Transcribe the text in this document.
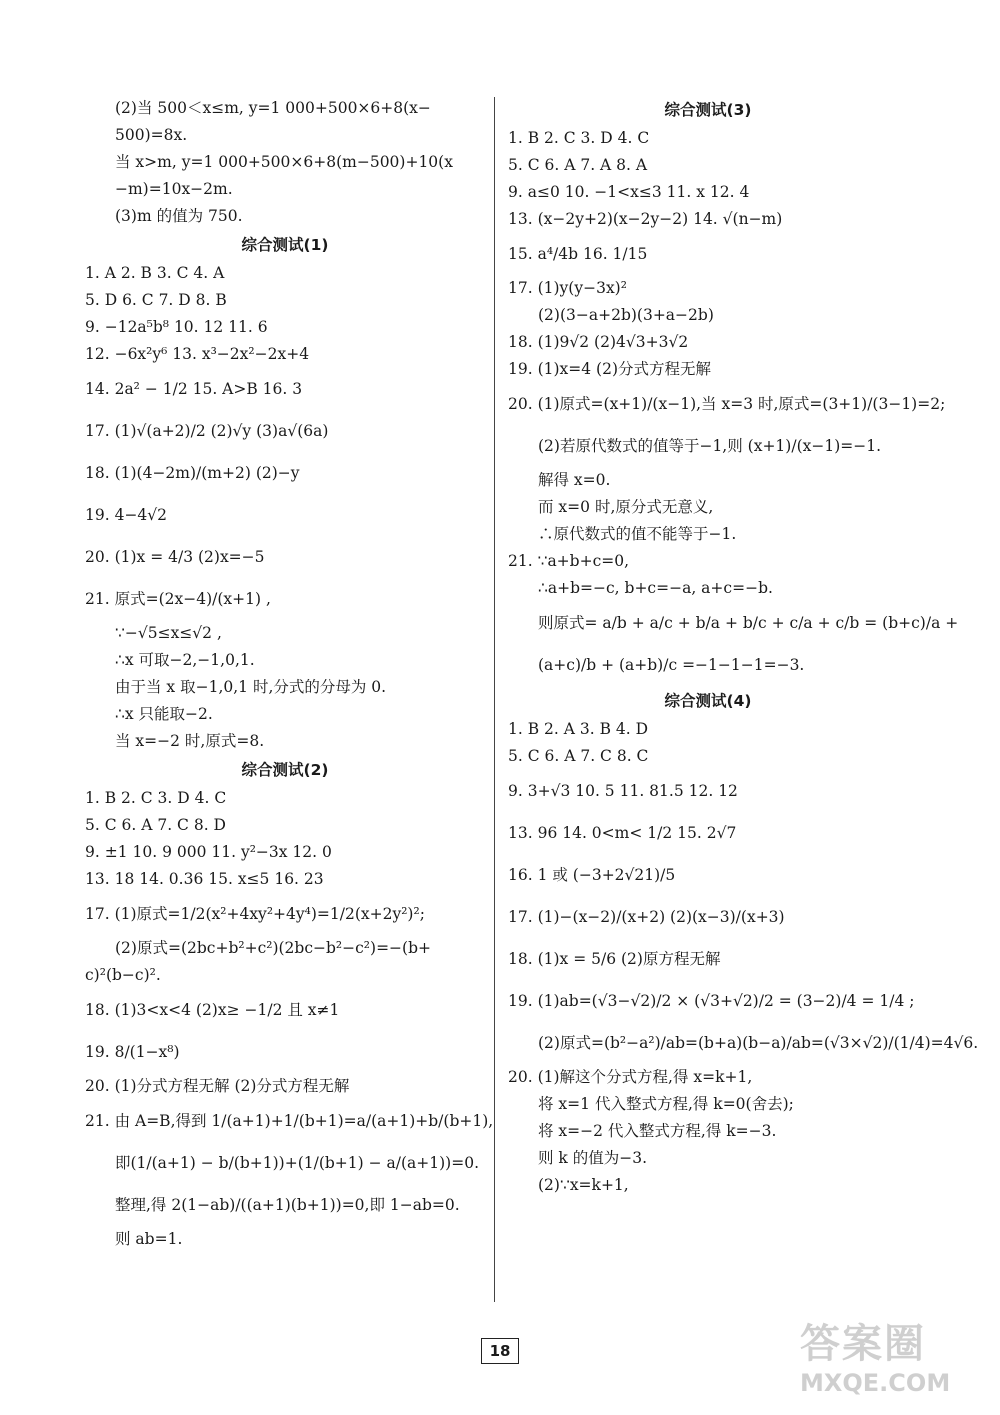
(2)当 500＜x≤m, y=1 000+500×6+8(x−
500)=8x.
当 x>m, y=1 000+500×6+8(m−500)+10(x
−m)=10x−2m.
(3)m 的值为 750.
综合测试(1)
1. A 2. B 3. C 4. A
5. D 6. C 7. D 8. B
9. −12a⁵b⁸ 10. 12 11. 6
12. −6x²y⁶ 13. x³−2x²−2x+4
14. 2a² − 1/2 15. A>B 16. 3
17. (1)√(a+2)/2 (2)√y (3)a√(6a)
18. (1)(4−2m)/(m+2) (2)−y
19. 4−4√2
20. (1)x = 4/3 (2)x=−5
21. 原式=(2x−4)/(x+1) ,
∵−√5≤x≤√2 ,
∴x 可取−2,−1,0,1.
由于当 x 取−1,0,1 时,分式的分母为 0.
∴x 只能取−2.
当 x=−2 时,原式=8.
综合测试(2)
1. B 2. C 3. D 4. C
5. C 6. A 7. C 8. D
9. ±1 10. 9 000 11. y²−3x 12. 0
13. 18 14. 0.36 15. x≤5 16. 23
17. (1)原式=1/2(x²+4xy²+4y⁴)=1/2(x+2y²)²;
(2)原式=(2bc+b²+c²)(2bc−b²−c²)=−(b+
c)²(b−c)².
18. (1)3<x<4 (2)x≥ −1/2 且 x≠1
19. 8/(1−x⁸)
20. (1)分式方程无解 (2)分式方程无解
21. 由 A=B,得到 1/(a+1)+1/(b+1)=a/(a+1)+b/(b+1),
即(1/(a+1) − b/(b+1))+(1/(b+1) − a/(a+1))=0.
整理,得 2(1−ab)/((a+1)(b+1))=0,即 1−ab=0.
则 ab=1.
综合测试(3)
1. B 2. C 3. D 4. C
5. C 6. A 7. A 8. A
9. a≤0 10. −1<x≤3 11. x 12. 4
13. (x−2y+2)(x−2y−2) 14. √(n−m)
15. a⁴/4b 16. 1/15
17. (1)y(y−3x)²
(2)(3−a+2b)(3+a−2b)
18. (1)9√2 (2)4√3+3√2
19. (1)x=4 (2)分式方程无解
20. (1)原式=(x+1)/(x−1),当 x=3 时,原式=(3+1)/(3−1)=2;
(2)若原代数式的值等于−1,则 (x+1)/(x−1)=−1.
解得 x=0.
而 x=0 时,原分式无意义,
∴原代数式的值不能等于−1.
21. ∵a+b+c=0,
∴a+b=−c, b+c=−a, a+c=−b.
则原式= a/b + a/c + b/a + b/c + c/a + c/b = (b+c)/a +
(a+c)/b + (a+b)/c =−1−1−1=−3.
综合测试(4)
1. B 2. A 3. B 4. D
5. C 6. A 7. C 8. C
9. 3+√3 10. 5 11. 81.5 12. 12
13. 96 14. 0<m< 1/2 15. 2√7
16. 1 或 (−3+2√21)/5
17. (1)−(x−2)/(x+2) (2)(x−3)/(x+3)
18. (1)x = 5/6 (2)原方程无解
19. (1)ab=(√3−√2)/2 × (√3+√2)/2 = (3−2)/4 = 1/4 ;
(2)原式=(b²−a²)/ab=(b+a)(b−a)/ab=(√3×√2)/(1/4)=4√6.
20. (1)解这个分式方程,得 x=k+1,
将 x=1 代入整式方程,得 k=0(舍去);
将 x=−2 代入整式方程,得 k=−3.
则 k 的值为−3.
(2)∵x=k+1,
18	答案圈
MXQE.COM
